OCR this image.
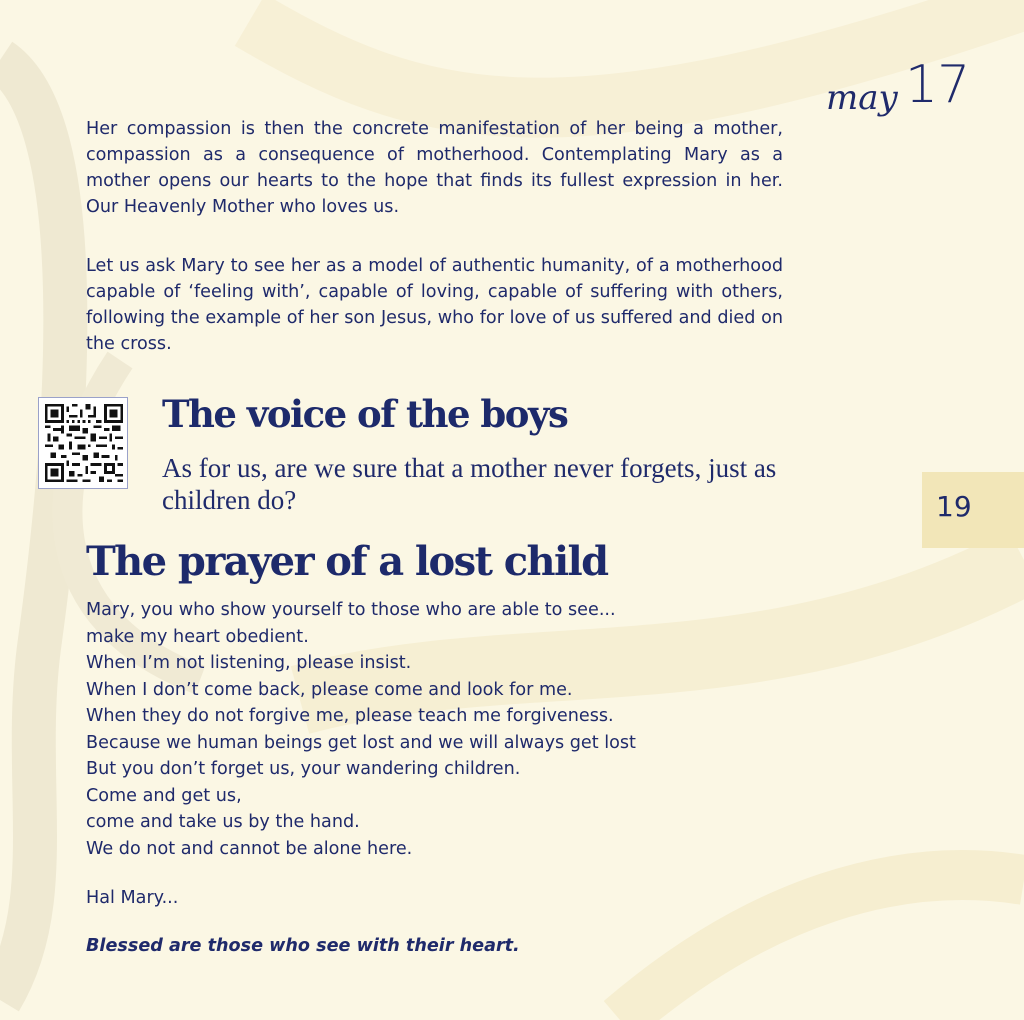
may 17
19

Her compassion is then the concrete manifestation of her being a mother, compassion as a consequence of motherhood. Contemplating Mary as a mother opens our hearts to the hope that finds its fullest expression in her. Our Heavenly Mother who loves us.

Let us ask Mary to see her as a model of authentic humanity, of a motherhood capable of ‘feeling with’, capable of loving, capable of suffering with others, following the example of her son Jesus, who for love of us suffered and died on the cross.

The voice of the boys
As for us, are we sure that a mother never forgets, just as children do?
The prayer of a lost child
Mary, you who show yourself to those who are able to see...
make my heart obedient.
When I’m not listening, please insist.
When I don’t come back, please come and look for me.
When they do not forgive me, please teach me forgiveness.
Because we human beings get lost and we will always get lost
But you don’t forget us, your wandering children.
Come and get us,
come and take us by the hand.
We do not and cannot be alone here.
Hal Mary...
Blessed are those who see with their heart.
